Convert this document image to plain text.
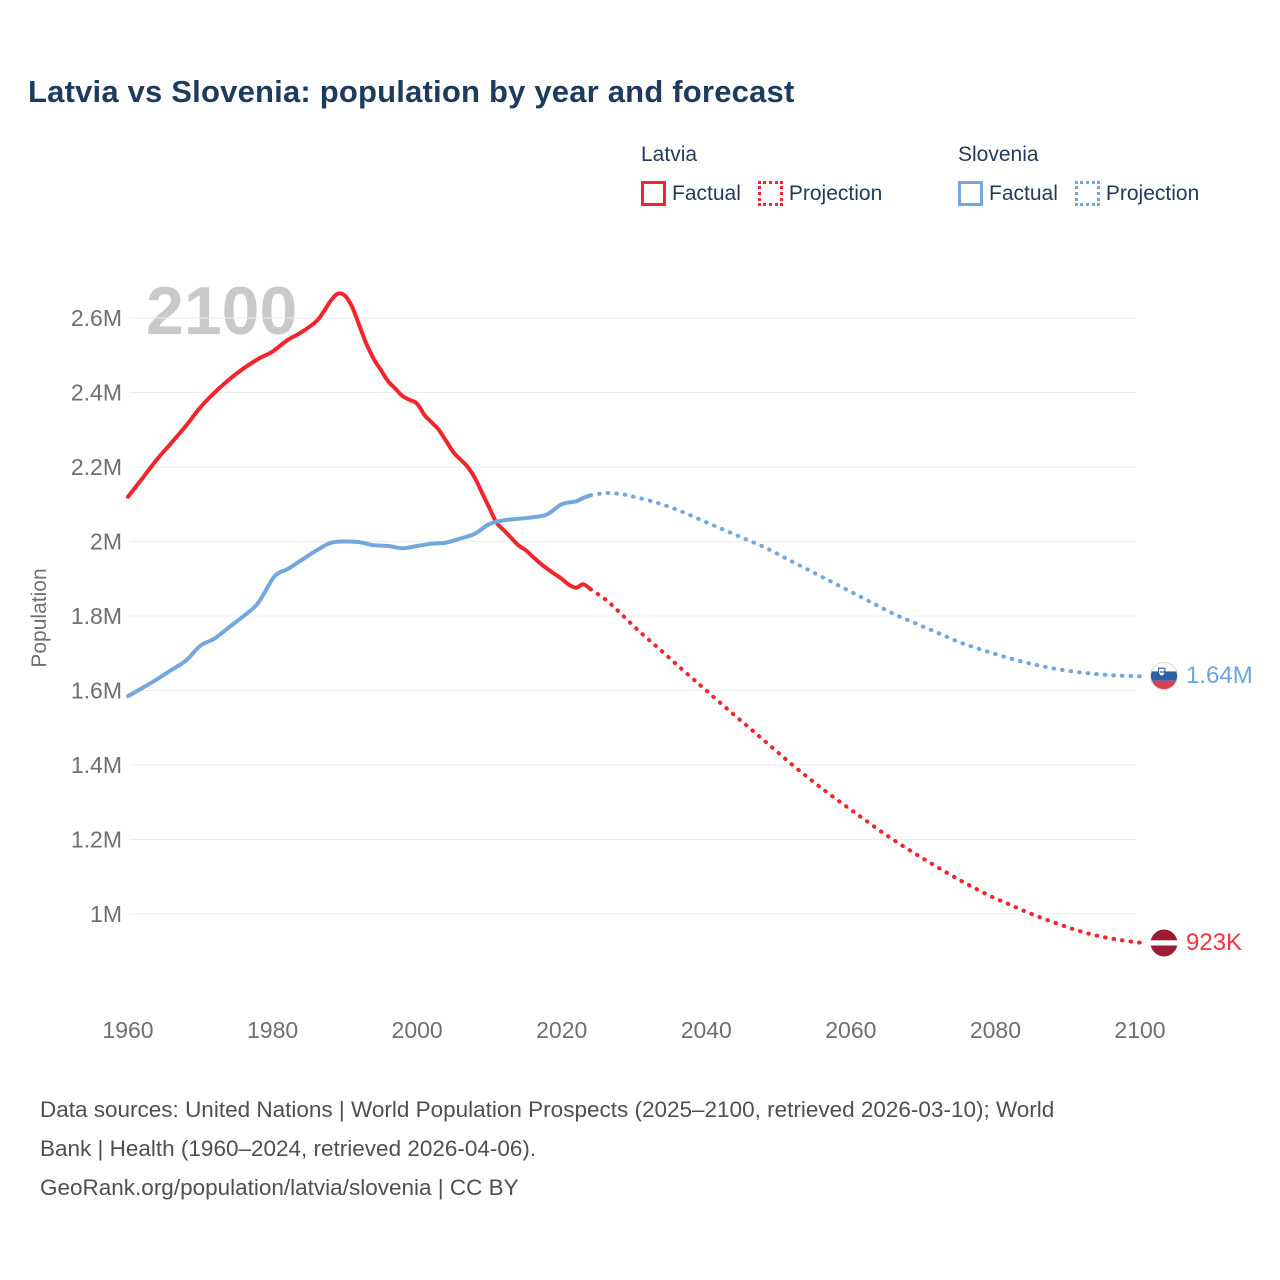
Latvia vs Slovenia: population by year and forecast
Latvia
Factual Projection
Slovenia
Factual Projection
2100
1M
1.2M
1.4M
1.6M
1.8M
2M
2.2M
2.4M
2.6M
1960	1980	2000	2020	2040	2060	2080	2100
Population
1.64M
923K
Data sources: United Nations | World Population Prospects (2025–2100, retrieved 2026-03-10); World
Bank | Health (1960–2024, retrieved 2026-04-06).
GeoRank.org/population/latvia/slovenia | CC BY
